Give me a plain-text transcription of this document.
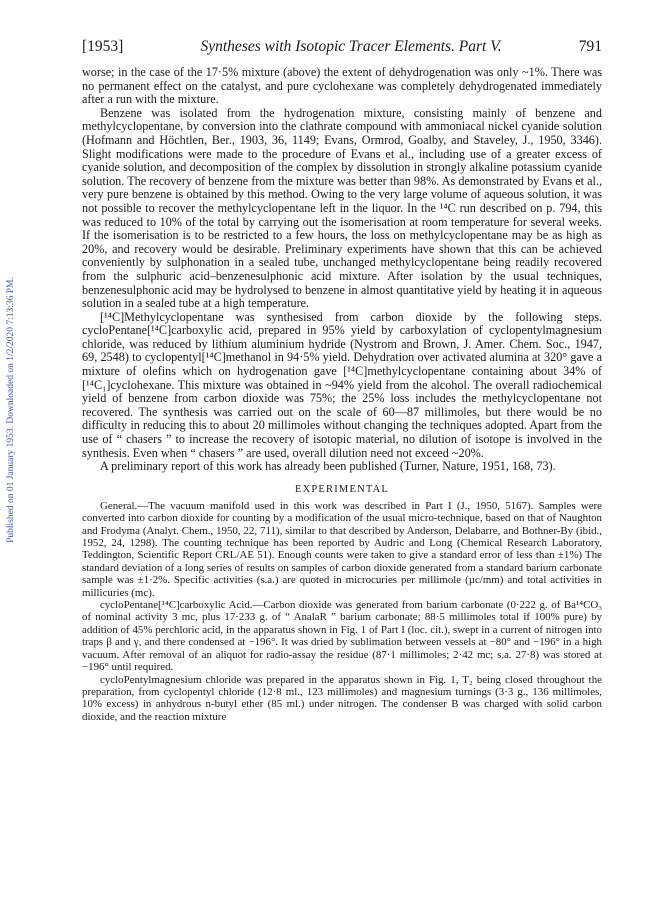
Published on 01 January 1953. Downloaded on 1/2/2020 7:13:36 PM.
[1953]	Syntheses with Isotopic Tracer Elements. Part V.	791

worse; in the case of the 17·5% mixture (above) the extent of dehydrogenation was only ~1%. There was no permanent effect on the catalyst, and pure cyclohexane was completely dehydrogenated immediately after a run with the mixture.

Benzene was isolated from the hydrogenation mixture, consisting mainly of benzene and methylcyclopentane, by conversion into the clathrate compound with ammoniacal nickel cyanide solution (Hofmann and Höchtlen, Ber., 1903, 36, 1149; Evans, Ormrod, Goalby, and Staveley, J., 1950, 3346). Slight modifications were made to the procedure of Evans et al., including use of a greater excess of cyanide solution, and decomposition of the complex by dissolution in strongly alkaline potassium cyanide solution. The recovery of benzene from the mixture was better than 98%. As demonstrated by Evans et al., very pure benzene is obtained by this method. Owing to the very large volume of aqueous solution, it was not possible to recover the methylcyclopentane left in the liquor. In the ¹⁴C run described on p. 794, this was reduced to 10% of the total by carrying out the isomerisation at room temperature for several weeks. If the isomerisation is to be restricted to a few hours, the loss on methylcyclopentane may be as high as 20%, and recovery would be desirable. Preliminary experiments have shown that this can be achieved conveniently by sulphonation in a sealed tube, unchanged methylcyclopentane being readily recovered from the sulphuric acid–benzenesulphonic acid mixture. After isolation by the usual techniques, benzenesulphonic acid may be hydrolysed to benzene in almost quantitative yield by heating it in aqueous solution in a sealed tube at a high temperature.

[¹⁴C]Methylcyclopentane was synthesised from carbon dioxide by the following steps. cycloPentane[¹⁴C]carboxylic acid, prepared in 95% yield by carboxylation of cyclopentylmagnesium chloride, was reduced by lithium aluminium hydride (Nystrom and Brown, J. Amer. Chem. Soc., 1947, 69, 2548) to cyclopentyl[¹⁴C]methanol in 94·5% yield. Dehydration over activated alumina at 320° gave a mixture of olefins which on hydrogenation gave [¹⁴C]methylcyclopentane containing about 34% of [¹⁴C₁]cyclohexane. This mixture was obtained in ~94% yield from the alcohol. The overall radiochemical yield of benzene from carbon dioxide was 75%; the 25% loss includes the methylcyclopentane not recovered. The synthesis was carried out on the scale of 60—87 millimoles, but there would be no difficulty in reducing this to about 20 millimoles without changing the techniques adopted. Apart from the use of “ chasers ” to increase the recovery of isotopic material, no dilution of isotope is involved in the synthesis. Even when “ chasers ” are used, overall dilution need not exceed ~20%.

A preliminary report of this work has already been published (Turner, Nature, 1951, 168, 73).

EXPERIMENTAL

General.—The vacuum manifold used in this work was described in Part I (J., 1950, 5167). Samples were converted into carbon dioxide for counting by a modification of the usual micro-technique, based on that of Naughton and Frodyma (Analyt. Chem., 1950, 22, 711), similar to that described by Anderson, Delabarre, and Bothner-By (ibid., 1952, 24, 1298). The counting technique has been reported by Audric and Long (Chemical Research Laboratory, Teddington, Scientific Report CRL/AE 51). Enough counts were taken to give a standard error of less than ±1%) The standard deviation of a long series of results on samples of carbon dioxide generated from a standard barium carbonate sample was ±1·2%. Specific activities (s.a.) are quoted in microcuries per millimole (µc/mm) and total activities in millicuries (mc).

cycloPentane[¹⁴C]carboxylic Acid.—Carbon dioxide was generated from barium carbonate (0·222 g. of Ba¹⁴CO₃ of nominal activity 3 mc, plus 17·233 g. of “ AnalaR ” barium carbonate; 88·5 millimoles total if 100% pure) by addition of 45% perchloric acid, in the apparatus shown in Fig. 1 of Part I (loc. cit.), swept in a current of nitrogen into traps β and γ, and there condensed at −196°. It was dried by sublimation between vessels at −80° and −196° in a high vacuum. After removal of an aliquot for radio-assay the residue (87·1 millimoles; 2·42 mc; s.a. 27·8) was stored at −196° until required.

cycloPentylmagnesium chloride was prepared in the apparatus shown in Fig. 1, T₂ being closed throughout the preparation, from cyclopentyl chloride (12·8 ml., 123 millimoles) and magnesium turnings (3·3 g., 136 millimoles, 10% excess) in anhydrous n-butyl ether (85 ml.) under nitrogen. The condenser B was charged with solid carbon dioxide, and the reaction mixture
